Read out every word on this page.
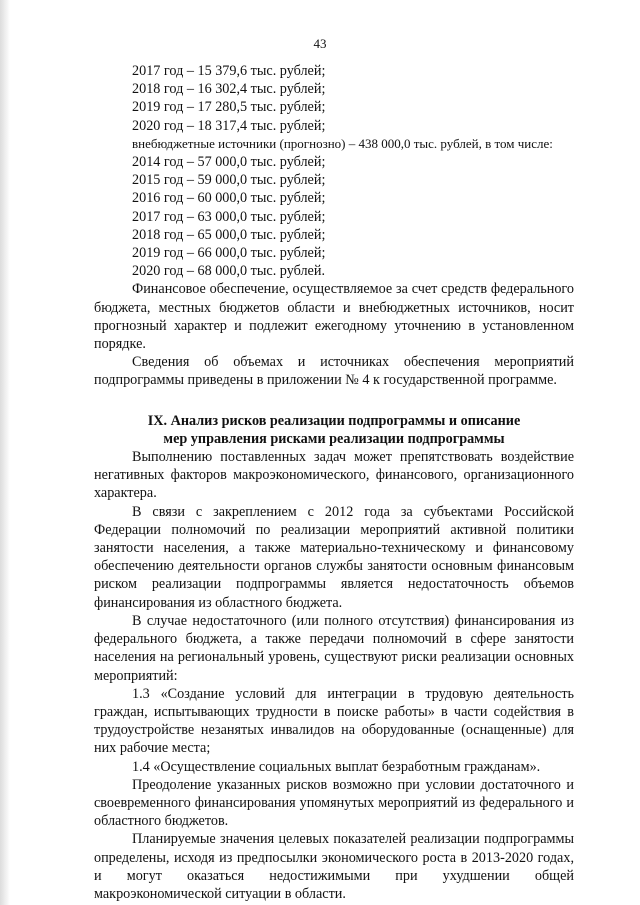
43

2017 год – 15 379,6 тыс. рублей;

2018 год – 16 302,4 тыс. рублей;

2019 год – 17 280,5 тыс. рублей;

2020 год – 18 317,4 тыс. рублей;

внебюджетные источники (прогнозно) – 438 000,0 тыс. рублей, в том числе:

2014 год – 57 000,0 тыс. рублей;

2015 год – 59 000,0 тыс. рублей;

2016 год – 60 000,0 тыс. рублей;

2017 год – 63 000,0 тыс. рублей;

2018 год – 65 000,0 тыс. рублей;

2019 год – 66 000,0 тыс. рублей;

2020 год – 68 000,0 тыс. рублей.

Финансовое обеспечение, осуществляемое за счет средств федерального бюджета, местных бюджетов области и внебюджетных источников, носит прогнозный характер и подлежит ежегодному уточнению в установленном порядке.

Сведения об объемах и источниках обеспечения мероприятий подпрограммы приведены в приложении № 4 к государственной программе.

IX. Анализ рисков реализации подпрограммы и описание
мер управления рисками реализации подпрограммы

Выполнению поставленных задач может препятствовать воздействие негативных факторов макроэкономического, финансового, организационного характера.

В связи с закреплением с 2012 года за субъектами Российской Федерации полномочий по реализации мероприятий активной политики занятости населения, а также материально-техническому и финансовому обеспечению деятельности органов службы занятости основным финансовым риском реализации подпрограммы является недостаточность объемов финансирования из областного бюджета.

В случае недостаточного (или полного отсутствия) финансирования из федерального бюджета, а также передачи полномочий в сфере занятости населения на региональный уровень, существуют риски реализации основных мероприятий:

1.3 «Создание условий для интеграции в трудовую деятельность граждан, испытывающих трудности в поиске работы» в части содействия в трудоустройстве незанятых инвалидов на оборудованные (оснащенные) для них рабочие места;

1.4 «Осуществление социальных выплат безработным гражданам».

Преодоление указанных рисков возможно при условии достаточного и своевременного финансирования упомянутых мероприятий из федерального и областного бюджетов.

Планируемые значения целевых показателей реализации подпрограммы определены, исходя из предпосылки экономического роста в 2013-2020 годах, и могут оказаться недостижимыми при ухудшении общей макроэкономической ситуации в области.
